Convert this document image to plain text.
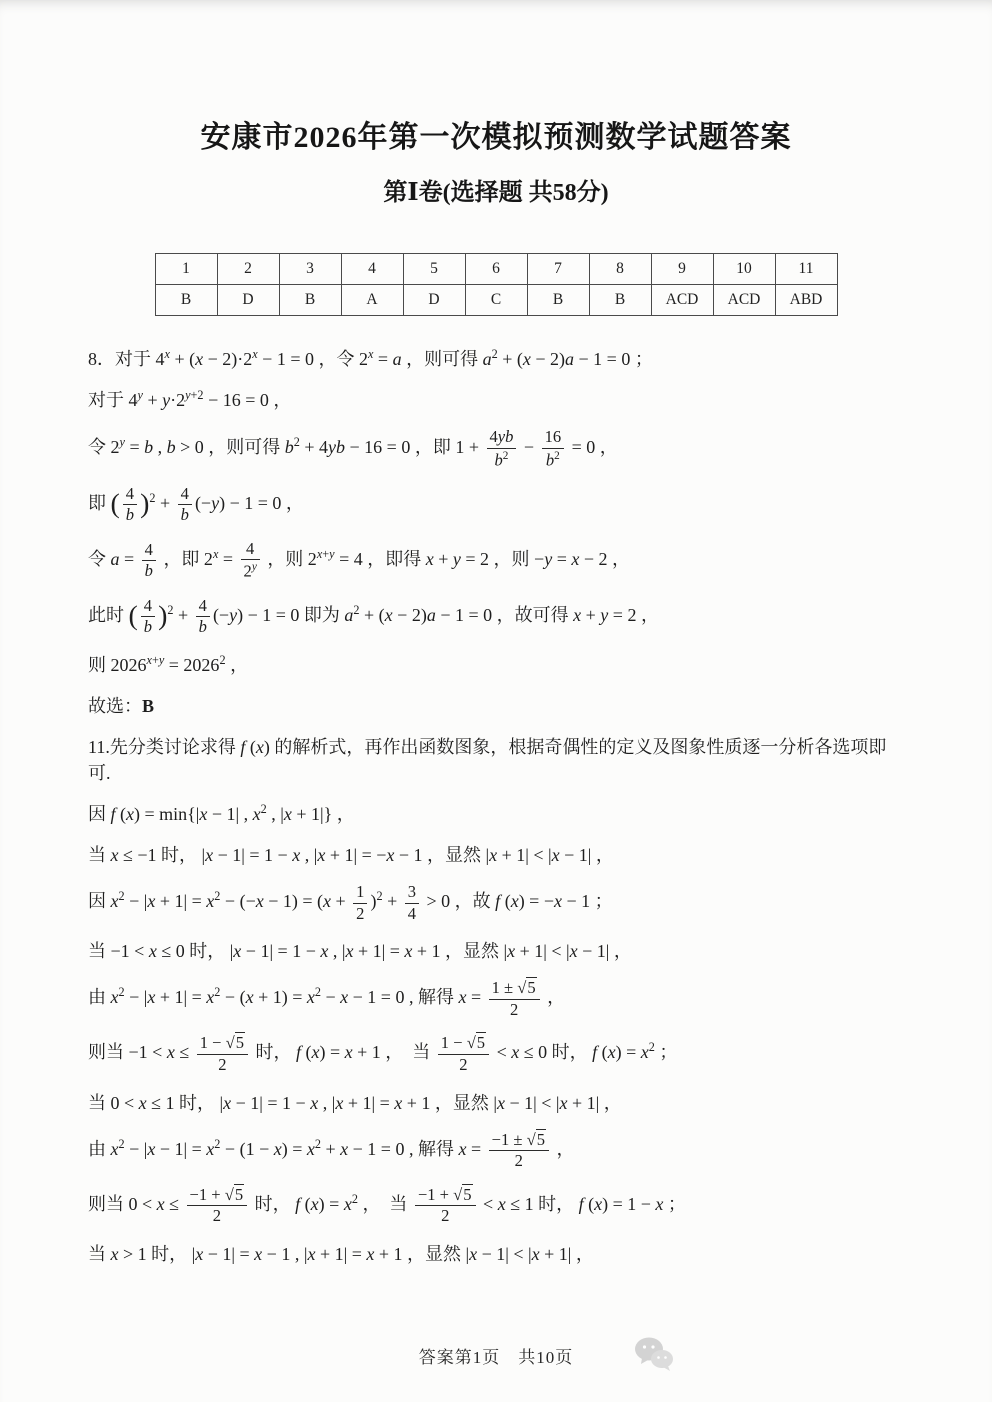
安康市2026年第一次模拟预测数学试题答案
第Ⅰ卷(选择题 共58分)
1	2	3	4	5	6	7	8	9	10	11
B	D	B	A	D	C	B	B	ACD	ACD	ABD
8．对于 $4^x + (x - 2)\cdot 2^x - 1 = 0$ ，令 $2^x = a$ ，则可得 $a^2 + (x - 2)a - 1 = 0$ ；
对于 $4^y + y\cdot 2^{y+2} - 16 = 0$ ，
令 $2^y = b$ , b > 0 ，则可得 $b^2 + 4yb - 16 = 0$ ，即 $1 + \frac{4yb}{b^2} - \frac{16}{b^2} = 0$ ，
即 ( $\frac{4}{b} )^2 + \frac{4}{b} (-y) - 1 = 0$ ，
令 $a = \frac{4}{b}$ ，即 $2^x = \frac{4}{2^y}$ ，则 $2^{x+y} = 4$ ，即得 x + y = 2 ，则 −y = x − 2 ，
此时 ( $\frac{4}{b} )^2 + \frac{4}{b} (-y) - 1 = 0$ 即为 $a^2 + (x - 2)a - 1 = 0$ ，故可得 x + y = 2 ，
则 $2026^{x+y} = 2026^2$ ，
故选：B
11.先分类讨论求得 f (x) 的解析式，再作出函数图象，根据奇偶性的定义及图象性质逐一分析各选项即可.
因 f (x) = min{|x − 1| , $x^2$ , |x + 1|} ，
当 x ≤ −1 时， |x − 1| = 1 − x , |x + 1| = −x − 1 ，显然 |x + 1| < |x − 1| ，
因 $x^2 - |x + 1| = x^2 - (-x - 1) = (x + \frac{1}{2} )^2 + \frac{3}{4} > 0$ ，故 f (x) = −x − 1 ；
当 −1 < x ≤ 0 时， |x − 1| = 1 − x , |x + 1| = x + 1 ，显然 |x + 1| < |x − 1| ，
由 $x^2 - |x + 1| = x^2 - (x + 1) = x^2 - x - 1 = 0$ , 解得 $x = \frac{1 \pm √5}{2}$ ，
则当 $-1 < x \le \frac{1 - √5}{2}$ 时， f (x) = x + 1 ，　当 $\frac{1 - √5}{2} < x \le 0$ 时， f $(x) = x^2$ ；
当 0 < x ≤ 1 时， |x − 1| = 1 − x , |x + 1| = x + 1 ，显然 |x − 1| < |x + 1| ，
由 $x^2 - |x - 1| = x^2 - (1 - x) = x^2 + x - 1 = 0$ , 解得 $x = \frac{-1 \pm √5}{2}$ ，
则当 $0 < x \le \frac{-1 + √5}{2}$ 时， f $(x) = x^2$ ，　当 $\frac{-1 + √5}{2} < x \le 1$ 时， f (x) = 1 − x ；
当 x > 1 时， |x − 1| = x − 1 , |x + 1| = x + 1 ，显然 |x − 1| < |x + 1| ，
答案第1页　共10页
